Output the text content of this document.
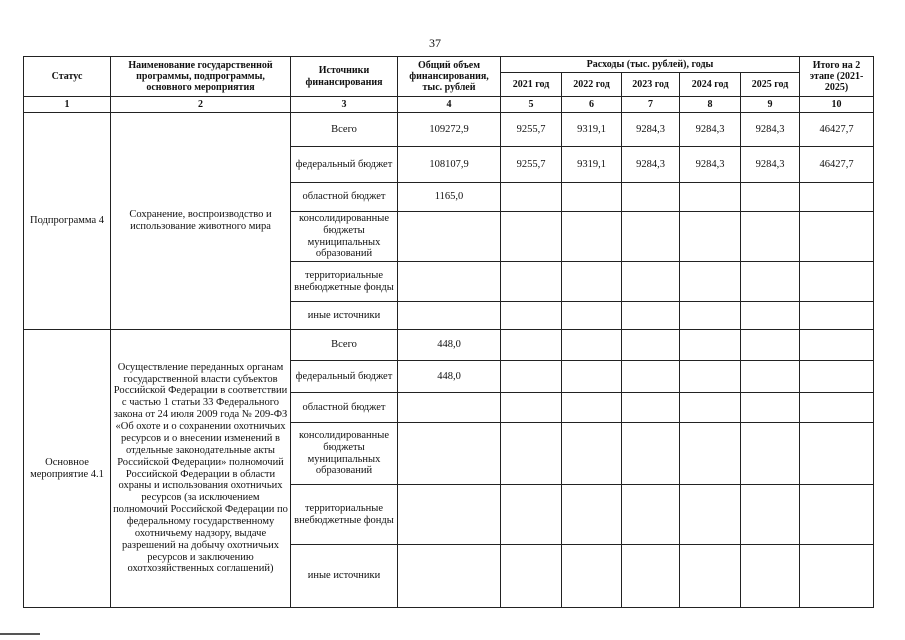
37
Статус	Наименование государственной программы, подпрограммы, основного мероприятия	Источники финансирования	Общий объем финансирования, тыс. рублей	Расходы (тыс. рублей), годы					Итого на 2 этапе (2021-2025)
				2021 год	2022 год	2023 год	2024 год	2025 год	
1	2	3	4	5	6	7	8	9	10
Подпрограмма 4	Сохранение, воспроизводство и использование животного мира	Всего	109272,9	9255,7	9319,1	9284,3	9284,3	9284,3	46427,7
		федеральный бюджет	108107,9	9255,7	9319,1	9284,3	9284,3	9284,3	46427,7
		областной бюджет	1165,0						
		консолидированные бюджеты муниципальных образований							
		территориальные внебюджетные фонды							
		иные источники							
Основное мероприятие 4.1	Осуществление переданных органам государственной власти субъектов Российской Федерации в соответствии с частью 1 статьи 33 Федерального закона от 24 июля 2009 года № 209-ФЗ «Об охоте и о сохранении охотничьих ресурсов и о внесении изменений в отдельные законодательные акты Российской Федерации» полномочий Российской Федерации в области охраны и использования охотничьих ресурсов (за исключением полномочий Российской Федерации по федеральному государственному охотничьему надзору, выдаче разрешений на добычу охотничьих ресурсов и заключению охотхозяйственных соглашений)	Всего	448,0						
		федеральный бюджет	448,0						
		областной бюджет							
		консолидированные бюджеты муниципальных образований							
		территориальные внебюджетные фонды							
		иные источники							
